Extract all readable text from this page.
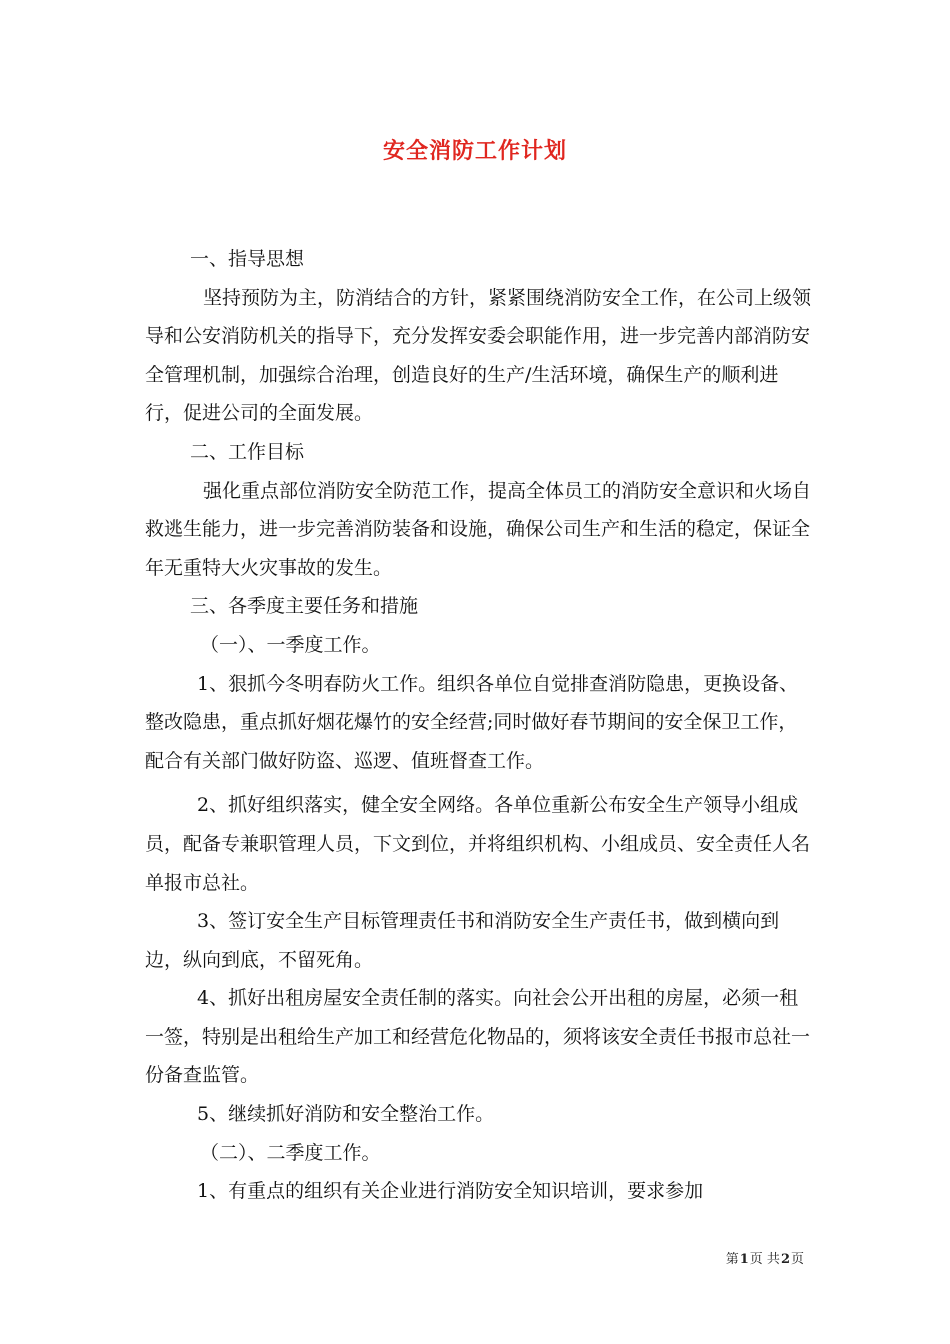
安全消防工作计划

一、指导思想

坚持预防为主，防消结合的方针，紧紧围绕消防安全工作，在公司上级领导和公安消防机关的指导下，充分发挥安委会职能作用，进一步完善内部消防安全管理机制，加强综合治理，创造良好的生产/生活环境，确保生产的顺利进行，促进公司的全面发展。

二、工作目标

强化重点部位消防安全防范工作，提高全体员工的消防安全意识和火场自救逃生能力，进一步完善消防装备和设施，确保公司生产和生活的稳定，保证全年无重特大火灾事故的发生。

三、各季度主要任务和措施

（一）、一季度工作。

1、狠抓今冬明春防火工作。组织各单位自觉排查消防隐患，更换设备、整改隐患，重点抓好烟花爆竹的安全经营;同时做好春节期间的安全保卫工作，配合有关部门做好防盗、巡逻、值班督查工作。

2、抓好组织落实，健全安全网络。各单位重新公布安全生产领导小组成员，配备专兼职管理人员，下文到位，并将组织机构、小组成员、安全责任人名单报市总社。

3、签订安全生产目标管理责任书和消防安全生产责任书，做到横向到边，纵向到底，不留死角。

4、抓好出租房屋安全责任制的落实。向社会公开出租的房屋，必须一租一签，特别是出租给生产加工和经营危化物品的，须将该安全责任书报市总社一份备查监管。

5、继续抓好消防和安全整治工作。

（二）、二季度工作。

1、有重点的组织有关企业进行消防安全知识培训，要求参加

第1页 共2页
